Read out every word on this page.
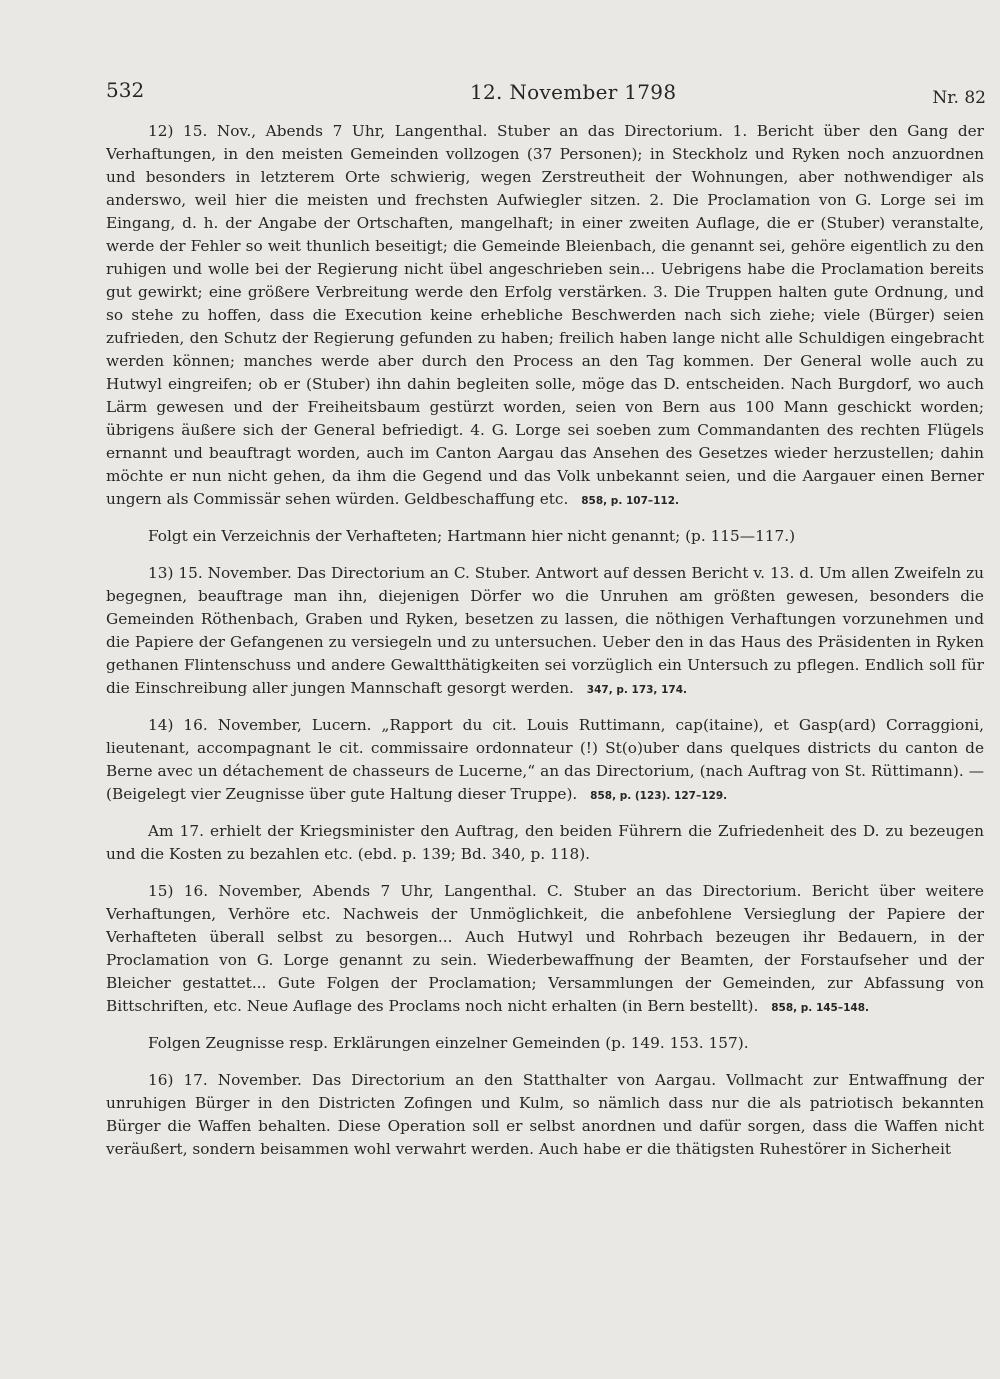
532	12. November 1798	Nr. 82

12) 15. Nov., Abends 7 Uhr, Langenthal. Stuber an das Directorium. 1. Bericht über den Gang der Verhaftungen, in den meisten Gemeinden vollzogen (37 Personen); in Steckholz und Ryken noch anzuordnen und besonders in letzterem Orte schwierig, wegen Zerstreutheit der Wohnungen, aber nothwendiger als anderswo, weil hier die meisten und frechsten Aufwiegler sitzen. 2. Die Proclamation von G. Lorge sei im Eingang, d. h. der Angabe der Ortschaften, mangelhaft; in einer zweiten Auflage, die er (Stuber) veranstalte, werde der Fehler so weit thunlich beseitigt; die Gemeinde Bleienbach, die genannt sei, gehöre eigentlich zu den ruhigen und wolle bei der Regierung nicht übel angeschrieben sein... Uebrigens habe die Proclamation bereits gut gewirkt; eine größere Verbreitung werde den Erfolg verstärken. 3. Die Truppen halten gute Ordnung, und so stehe zu hoffen, dass die Execution keine erhebliche Beschwerden nach sich ziehe; viele (Bürger) seien zufrieden, den Schutz der Regierung gefunden zu haben; freilich haben lange nicht alle Schuldigen eingebracht werden können; manches werde aber durch den Process an den Tag kommen. Der General wolle auch zu Hutwyl eingreifen; ob er (Stuber) ihn dahin begleiten solle, möge das D. entscheiden. Nach Burgdorf, wo auch Lärm gewesen und der Freiheitsbaum gestürzt worden, seien von Bern aus 100 Mann geschickt worden; übrigens äußere sich der General befriedigt. 4. G. Lorge sei soeben zum Commandanten des rechten Flügels ernannt und beauftragt worden, auch im Canton Aargau das Ansehen des Gesetzes wieder herzustellen; dahin möchte er nun nicht gehen, da ihm die Gegend und das Volk unbekannt seien, und die Aargauer einen Berner ungern als Commissär sehen würden. Geldbeschaffung etc. 858, p. 107–112.

Folgt ein Verzeichnis der Verhafteten; Hartmann hier nicht genannt; (p. 115—117.)

13) 15. November. Das Directorium an C. Stuber. Antwort auf dessen Bericht v. 13. d. Um allen Zweifeln zu begegnen, beauftrage man ihn, diejenigen Dörfer wo die Unruhen am größten gewesen, besonders die Gemeinden Röthenbach, Graben und Ryken, besetzen zu lassen, die nöthigen Verhaftungen vorzunehmen und die Papiere der Gefangenen zu versiegeln und zu untersuchen. Ueber den in das Haus des Präsidenten in Ryken gethanen Flintenschuss und andere Gewaltthätigkeiten sei vorzüglich ein Untersuch zu pflegen. Endlich soll für die Einschreibung aller jungen Mannschaft gesorgt werden. 347, p. 173, 174.

14) 16. November, Lucern. „Rapport du cit. Louis Ruttimann, cap(itaine), et Gasp(ard) Corraggioni, lieutenant, accompagnant le cit. commissaire ordonnateur (!) St(o)uber dans quelques districts du canton de Berne avec un détachement de chasseurs de Lucerne,“ an das Directorium, (nach Auftrag von St. Rüttimann). — (Beigelegt vier Zeugnisse über gute Haltung dieser Truppe). 858, p. (123). 127–129.

Am 17. erhielt der Kriegsminister den Auftrag, den beiden Führern die Zufriedenheit des D. zu bezeugen und die Kosten zu bezahlen etc. (ebd. p. 139; Bd. 340, p. 118).

15) 16. November, Abends 7 Uhr, Langenthal. C. Stuber an das Directorium. Bericht über weitere Verhaftungen, Verhöre etc. Nachweis der Unmöglichkeit, die anbefohlene Versieglung der Papiere der Verhafteten überall selbst zu besorgen... Auch Hutwyl und Rohrbach bezeugen ihr Bedauern, in der Proclamation von G. Lorge genannt zu sein. Wiederbewaffnung der Beamten, der Forstaufseher und der Bleicher gestattet... Gute Folgen der Proclamation; Versammlungen der Gemeinden, zur Abfassung von Bittschriften, etc. Neue Auflage des Proclams noch nicht erhalten (in Bern bestellt). 858, p. 145–148.

Folgen Zeugnisse resp. Erklärungen einzelner Gemeinden (p. 149. 153. 157).

16) 17. November. Das Directorium an den Statthalter von Aargau. Vollmacht zur Entwaffnung der unruhigen Bürger in den Districten Zofingen und Kulm, so nämlich dass nur die als patriotisch bekannten Bürger die Waffen behalten. Diese Operation soll er selbst anordnen und dafür sorgen, dass die Waffen nicht veräußert, sondern beisammen wohl verwahrt werden. Auch habe er die thätigsten Ruhestörer in Sicherheit
